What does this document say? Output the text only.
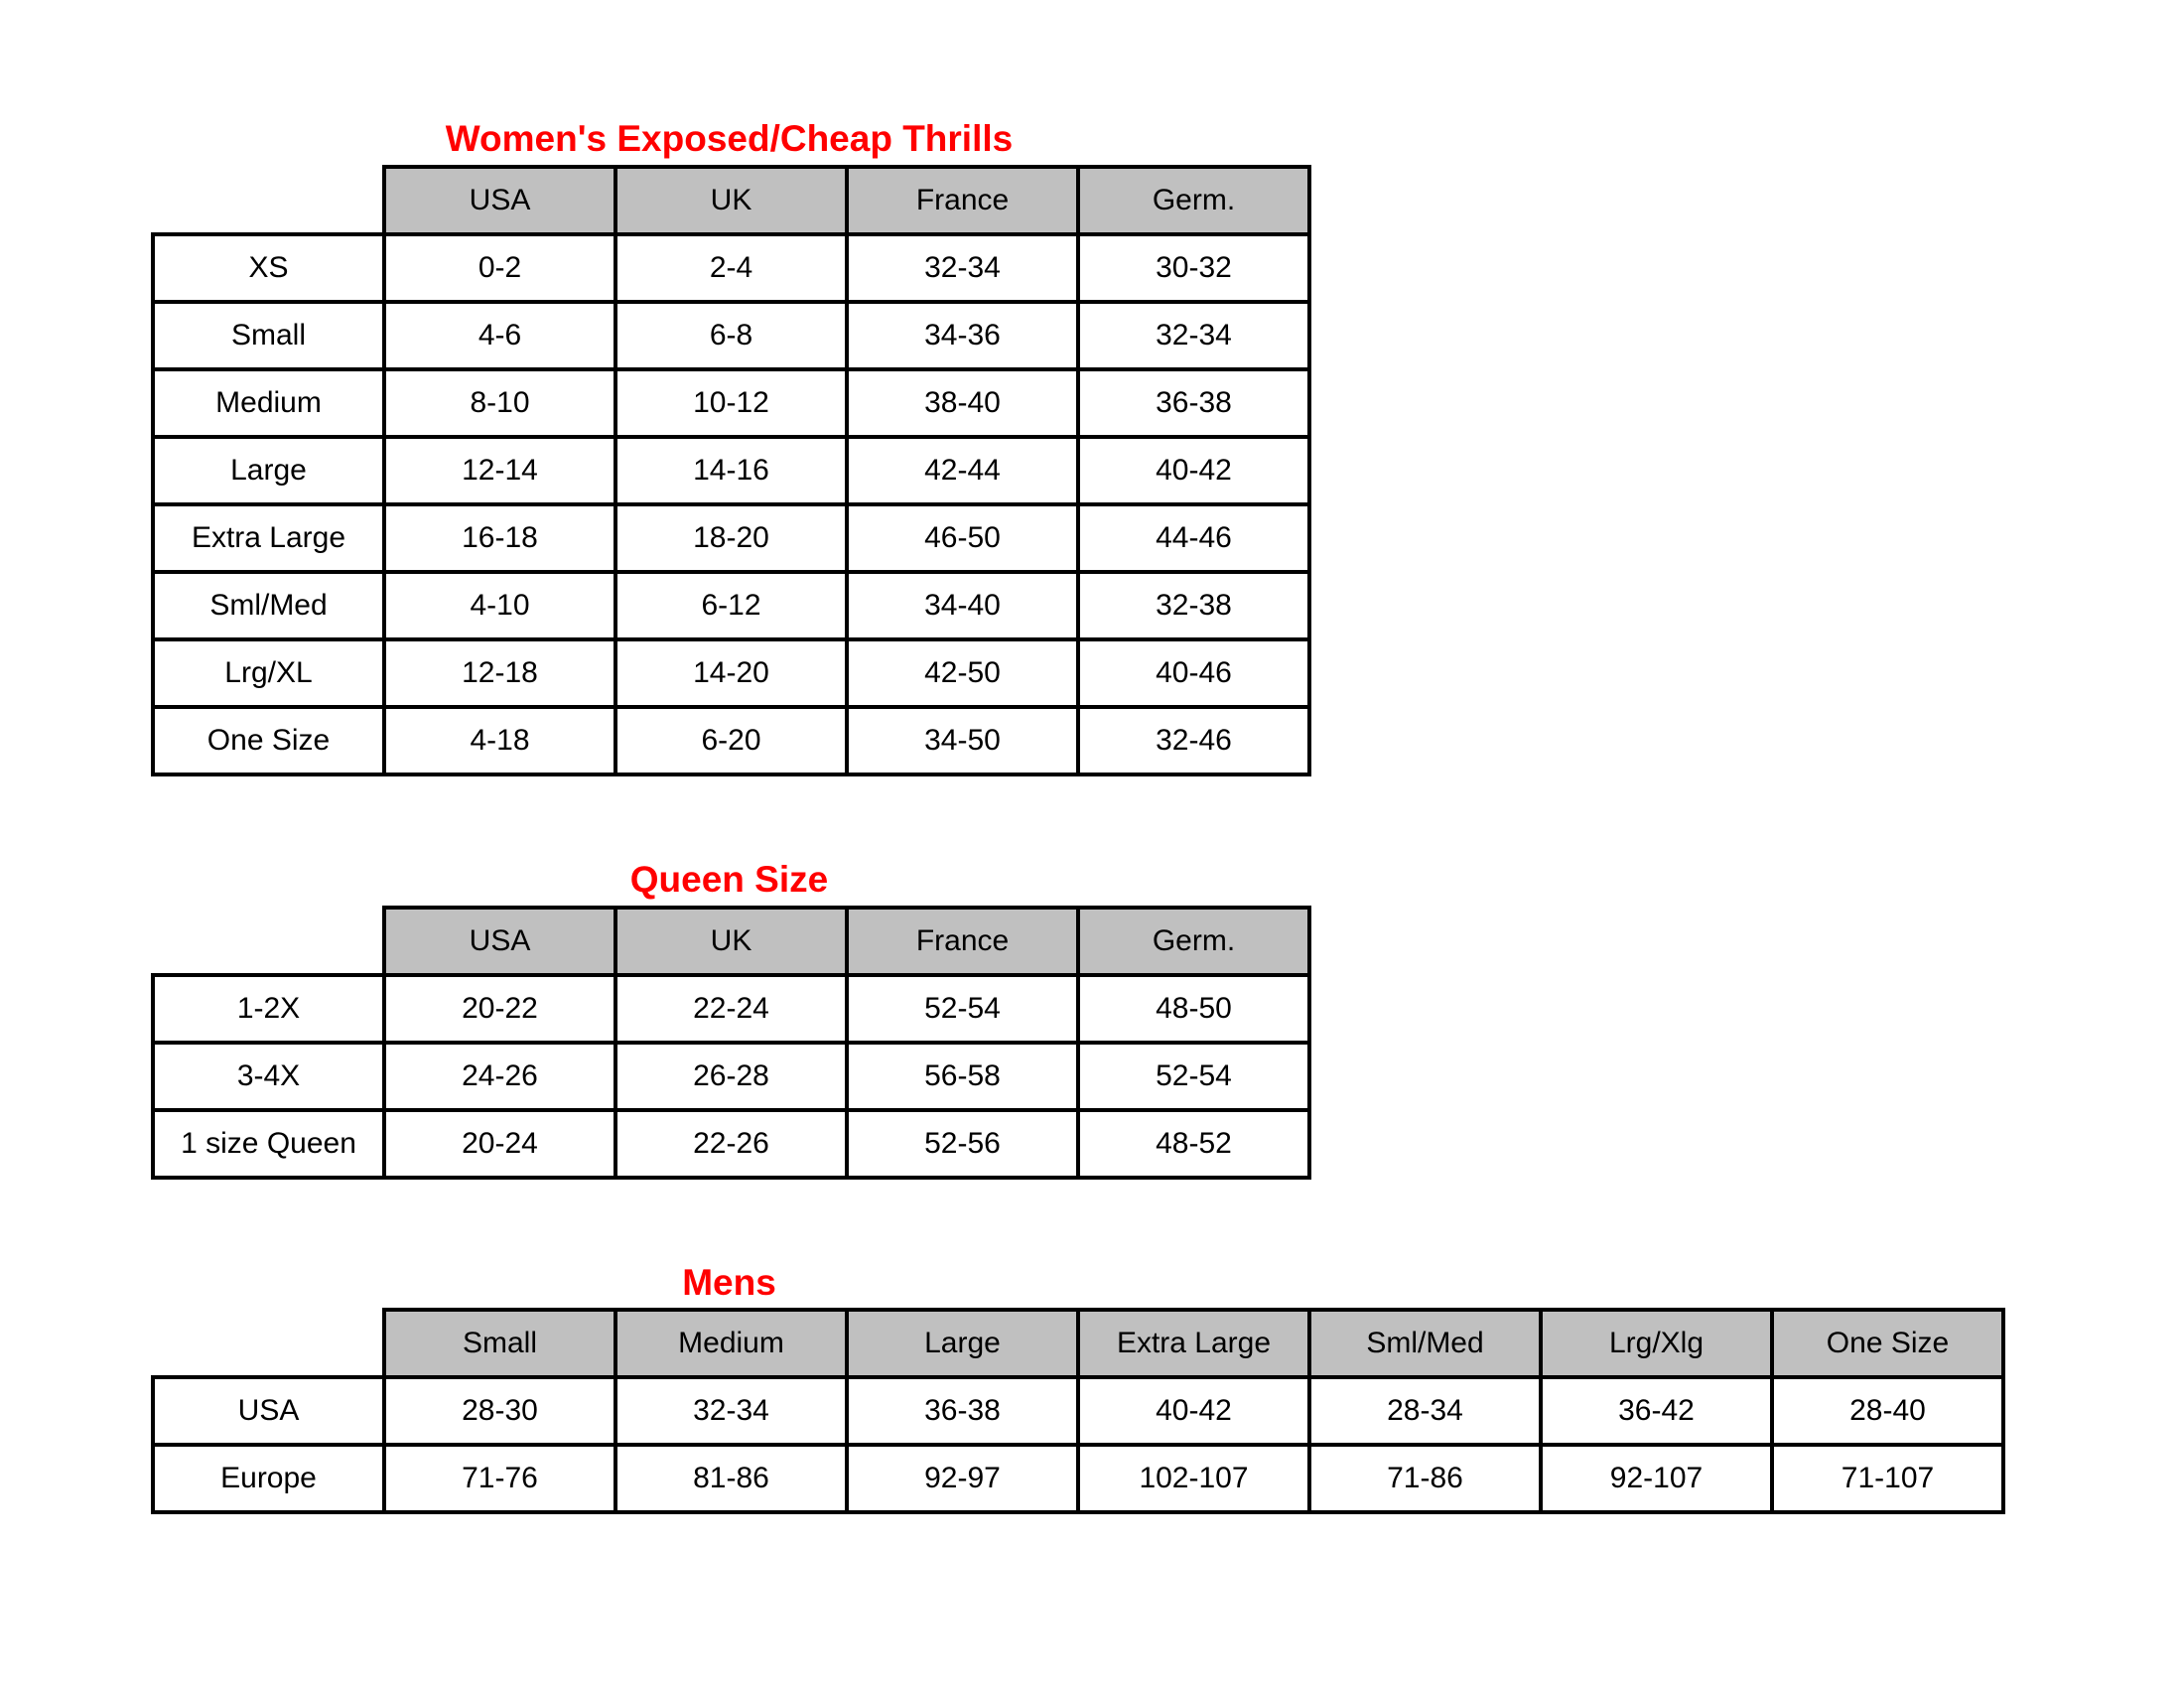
Women's Exposed/Cheap Thrills
	USA	UK	France	Germ.
XS	0-2	2-4	32-34	30-32
Small	4-6	6-8	34-36	32-34
Medium	8-10	10-12	38-40	36-38
Large	12-14	14-16	42-44	40-42
Extra Large	16-18	18-20	46-50	44-46
Sml/Med	4-10	6-12	34-40	32-38
Lrg/XL	12-18	14-20	42-50	40-46
One Size	4-18	6-20	34-50	32-46
Queen Size
	USA	UK	France	Germ.
1-2X	20-22	22-24	52-54	48-50
3-4X	24-26	26-28	56-58	52-54
1 size Queen	20-24	22-26	52-56	48-52
Mens
	Small	Medium	Large	Extra Large	Sml/Med	Lrg/Xlg	One Size
USA	28-30	32-34	36-38	40-42	28-34	36-42	28-40
Europe	71-76	81-86	92-97	102-107	71-86	92-107	71-107
